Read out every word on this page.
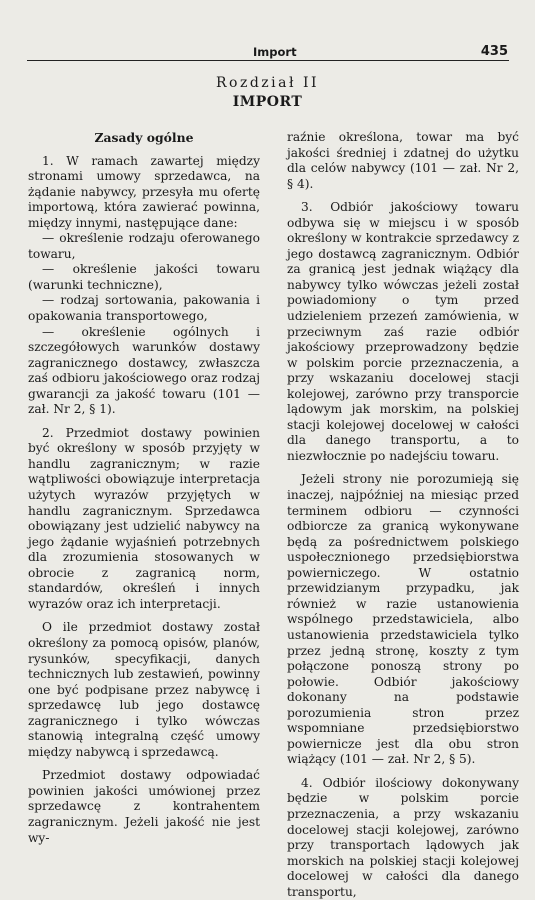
Import	435
Rozdział II
IMPORT
Zasady ogólne

1. W ramach zawartej między stronami umowy sprzedawca, na żądanie nabywcy, przesyła mu ofertę importową, która zawierać powinna, między innymi, następujące dane:

— określenie rodzaju oferowanego towaru,

— określenie jakości towaru (warunki techniczne),

— rodzaj sortowania, pakowania i opakowania transportowego,

— określenie ogólnych i szczegółowych warunków dostawy zagranicznego dostawcy, zwłaszcza zaś odbioru jakościowego oraz rodzaj gwarancji za jakość towaru (101 — zał. Nr 2, § 1).

2. Przedmiot dostawy powinien być określony w sposób przyjęty w handlu zagranicznym; w razie wątpliwości obowiązuje interpretacja użytych wyrazów przyjętych w handlu zagranicznym. Sprzedawca obowiązany jest udzielić nabywcy na jego żądanie wyjaśnień potrzebnych dla zrozumienia stosowanych w obrocie z zagranicą norm, standardów, określeń i innych wyrazów oraz ich interpretacji.

O ile przedmiot dostawy został określony za pomocą opisów, planów, rysunków, specyfikacji, danych technicznych lub zestawień, powinny one być podpisane przez nabywcę i sprzedawcę lub jego dostawcę zagranicznego i tylko wówczas stanowią integralną część umowy między nabywcą i sprzedawcą.

Przedmiot dostawy odpowiadać powinien jakości umówionej przez sprzedawcę z kontrahentem zagranicznym. Jeżeli jakość nie jest wy-

raźnie określona, towar ma być jakości średniej i zdatnej do użytku dla celów nabywcy (101 — zał. Nr 2, § 4).

3. Odbiór jakościowy towaru odbywa się w miejscu i w sposób określony w kontrakcie sprzedawcy z jego dostawcą zagranicznym. Odbiór za granicą jest jednak wiążący dla nabywcy tylko wówczas jeżeli został powiadomiony o tym przed udzieleniem przezeń zamówienia, w przeciwnym zaś razie odbiór jakościowy przeprowadzony będzie w polskim porcie przeznaczenia, a przy wskazaniu docelowej stacji kolejowej, zarówno przy transporcie lądowym jak morskim, na polskiej stacji kolejowej docelowej w całości dla danego transportu, a to niezwłocznie po nadejściu towaru.

Jeżeli strony nie porozumieją się inaczej, najpóźniej na miesiąc przed terminem odbioru — czynności odbiorcze za granicą wykonywane będą za pośrednictwem polskiego uspołecznionego przedsiębiorstwa powierniczego. W ostatnio przewidzianym przypadku, jak również w razie ustanowienia wspólnego przedstawiciela, albo ustanowienia przedstawiciela tylko przez jedną stronę, koszty z tym połączone ponoszą strony po połowie. Odbiór jakościowy dokonany na podstawie porozumienia stron przez wspomniane przedsiębiorstwo powiernicze jest dla obu stron wiążący (101 — zał. Nr 2, § 5).

4. Odbiór ilościowy dokonywany będzie w polskim porcie przeznaczenia, a przy wskazaniu docelowej stacji kolejowej, zarówno przy transportach lądowych jak morskich na polskiej stacji kolejowej docelowej w całości dla danego transportu,
